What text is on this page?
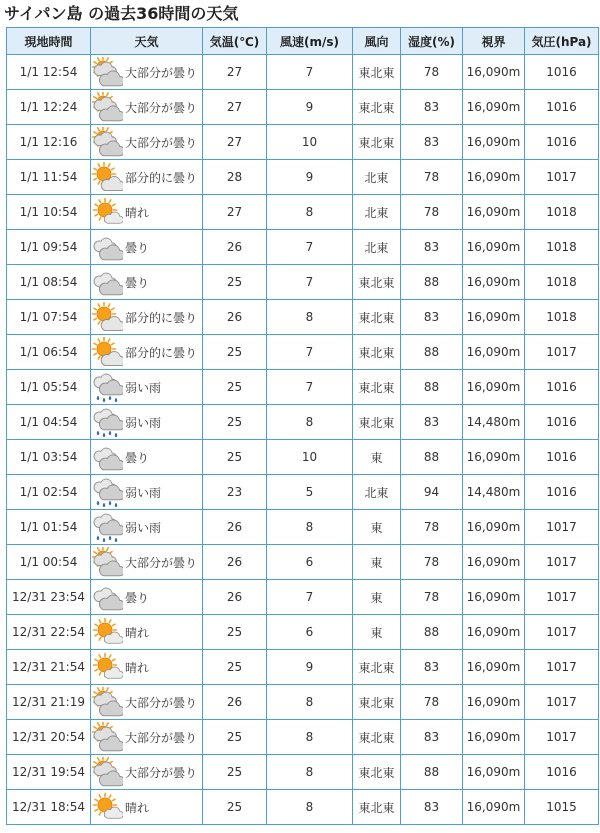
サイパン島 の過去36時間の天気
現地時間	天気	気温(℃)	風速(m/s)	風向	湿度(%)	視界	気圧(hPa)
1/1 12:54	大部分が曇り	27	7	東北東	78	16,090m	1016
1/1 12:24	大部分が曇り	27	9	東北東	83	16,090m	1016
1/1 12:16	大部分が曇り	27	10	東北東	83	16,090m	1016
1/1 11:54	部分的に曇り	28	9	北東	78	16,090m	1017
1/1 10:54	晴れ	27	8	北東	78	16,090m	1018
1/1 09:54	曇り	26	7	北東	83	16,090m	1018
1/1 08:54	曇り	25	7	東北東	88	16,090m	1018
1/1 07:54	部分的に曇り	26	8	東北東	83	16,090m	1018
1/1 06:54	部分的に曇り	25	7	東北東	88	16,090m	1017
1/1 05:54	弱い雨	25	7	東北東	88	16,090m	1016
1/1 04:54	弱い雨	25	8	東北東	83	14,480m	1016
1/1 03:54	曇り	25	10	東	88	16,090m	1016
1/1 02:54	弱い雨	23	5	北東	94	14,480m	1016
1/1 01:54	弱い雨	26	8	東	78	16,090m	1017
1/1 00:54	大部分が曇り	26	6	東	78	16,090m	1017
12/31 23:54	曇り	26	7	東	78	16,090m	1017
12/31 22:54	晴れ	25	6	東	88	16,090m	1017
12/31 21:54	晴れ	25	9	東北東	83	16,090m	1017
12/31 21:19	大部分が曇り	26	8	東北東	78	16,090m	1017
12/31 20:54	大部分が曇り	25	8	東北東	83	16,090m	1017
12/31 19:54	大部分が曇り	25	8	東北東	88	16,090m	1016
12/31 18:54	晴れ	25	8	東北東	83	16,090m	1015
